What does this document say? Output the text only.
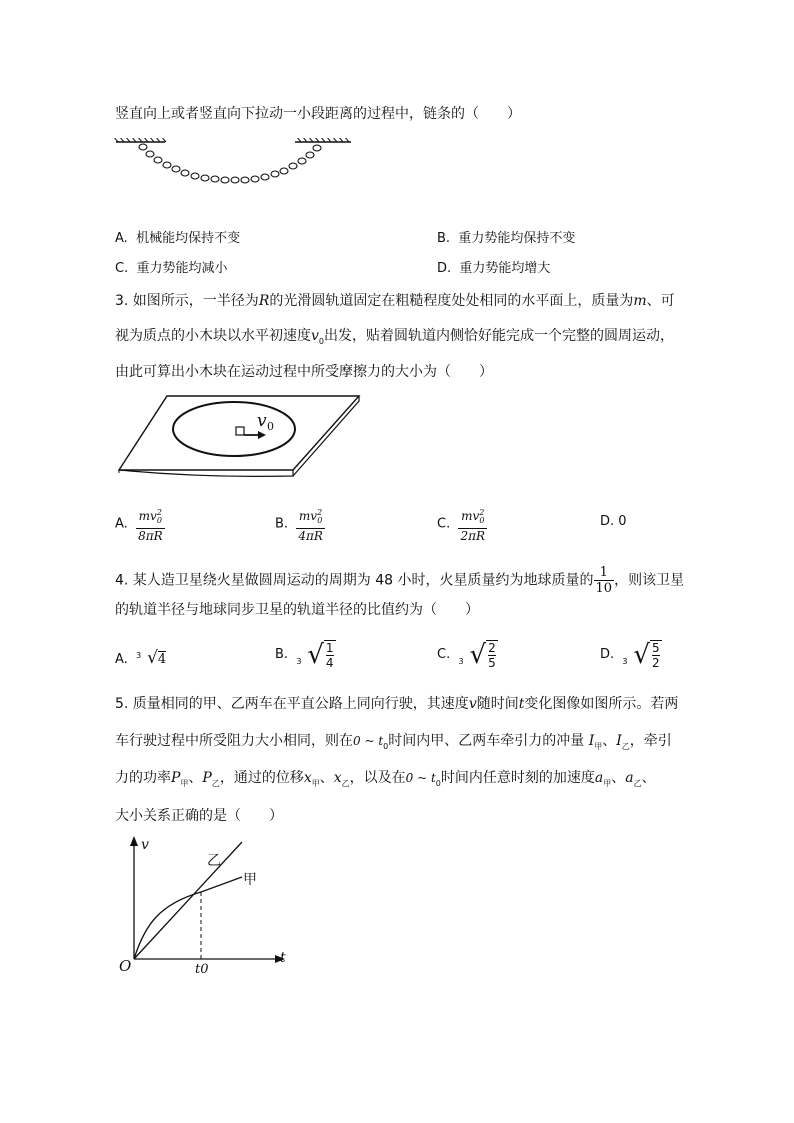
竖直向上或者竖直向下拉动一小段距离的过程中，链条的（　　）
A. 机械能均保持不变	B. 重力势能均保持不变
C. 重力势能均减小	D. 重力势能均增大
3. 如图所示，一半径为R的光滑圆轨道固定在粗糙程度处处相同的水平面上，质量为m、可
视为质点的小木块以水平初速度$v_0$出发，贴着圆轨道内侧恰好能完成一个完整的圆周运动，
由此可算出小木块在运动过程中所受摩擦力的大小为（　　）
v 0
A. $\frac{mv^2_0}{8\pi R}$	B. $\frac{mv^2_0}{4\pi R}$	C. $\frac{mv^2_0}{2\pi R}$	D. 0
4. 某人造卫星绕火星做圆周运动的周期为 48 小时，火星质量约为地球质量的 $\frac{1}{10}$ ，则该卫星
的轨道半径与地球同步卫星的轨道半径的比值约为（　　）
A. 3 √4	B. 3 √ $\frac{1}{4}$	C. 3 √ $\frac{2}{5}$	D. 3 √ $\frac{5}{2}$
5. 质量相同的甲、乙两车在平直公路上同向行驶，其速度v随时间t变化图像如图所示。若两
车行驶过程中所受阻力大小相同，则在0 ~ $t_0$时间内甲、乙两车牵引力的冲量 $I_甲$、$I_乙$，牵引
力的功率$P_甲$、$P_乙$，通过的位移$x_甲$、$x_乙$，以及在0 ~ $t_0$时间内任意时刻的加速度$a_甲$、$a_乙$、
大小关系正确的是（　　）
v
t
O	t0
乙
甲
